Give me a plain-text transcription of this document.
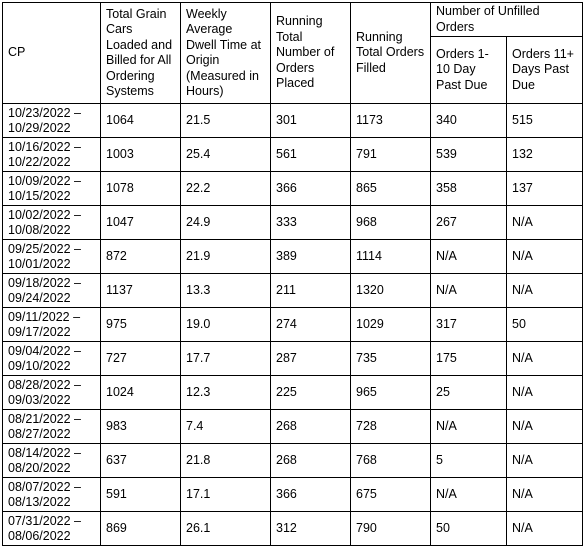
CP	Total Grain Cars Loaded and Billed for All Ordering Systems	Weekly Average Dwell Time at Origin (Measured in Hours)	Running Total Number of Orders Placed	Running Total Orders Filled	Number of Unfilled Orders	
					Orders 1-10 Day Past Due	Orders 11+ Days Past Due
10/23/2022 – 10/29/2022	1064	21.5	301	1173	340	515
10/16/2022 – 10/22/2022	1003	25.4	561	791	539	132
10/09/2022 – 10/15/2022	1078	22.2	366	865	358	137
10/02/2022 – 10/08/2022	1047	24.9	333	968	267	N/A
09/25/2022 – 10/01/2022	872	21.9	389	1114	N/A	N/A
09/18/2022 – 09/24/2022	1137	13.3	211	1320	N/A	N/A
09/11/2022 – 09/17/2022	975	19.0	274	1029	317	50
09/04/2022 – 09/10/2022	727	17.7	287	735	175	N/A
08/28/2022 – 09/03/2022	1024	12.3	225	965	25	N/A
08/21/2022 – 08/27/2022	983	7.4	268	728	N/A	N/A
08/14/2022 – 08/20/2022	637	21.8	268	768	5	N/A
08/07/2022 – 08/13/2022	591	17.1	366	675	N/A	N/A
07/31/2022 – 08/06/2022	869	26.1	312	790	50	N/A
